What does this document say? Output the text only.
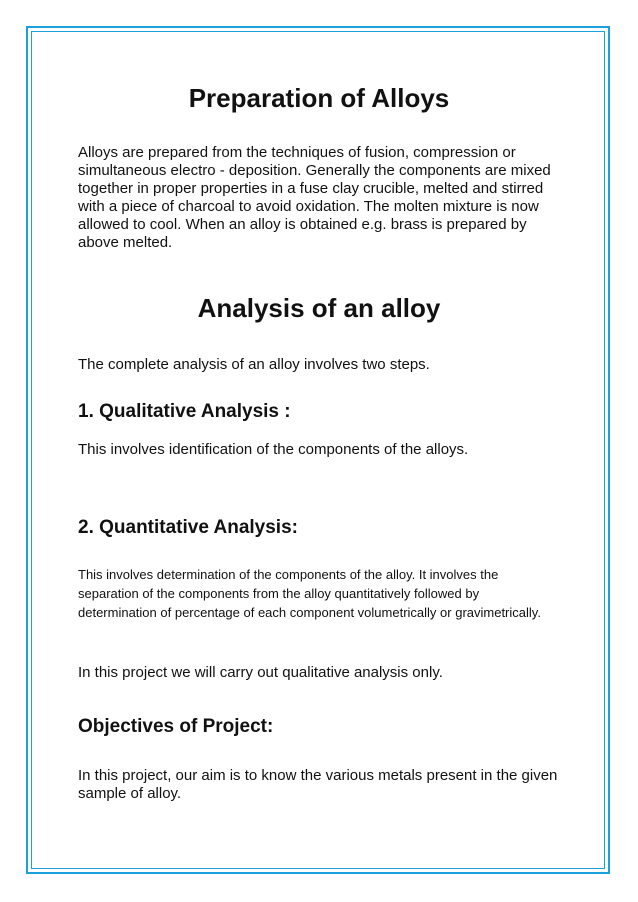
Preparation of Alloys

Alloys are prepared from the techniques of fusion, compression or simultaneous electro - deposition. Generally the components are mixed together in proper properties in a fuse clay crucible, melted and stirred with a piece of charcoal to avoid oxidation. The molten mixture is now allowed to cool. When an alloy is obtained e.g. brass is prepared by above melted.

Analysis of an alloy

The complete analysis of an alloy involves two steps.

1. Qualitative Analysis :

This involves identification of the components of the alloys.

2. Quantitative Analysis:

This involves determination of the components of the alloy. It involves the separation of the components from the alloy quantitatively followed by determination of percentage of each component volumetrically or gravimetrically.

In this project we will carry out qualitative analysis only.

Objectives of Project:

In this project, our aim is to know the various metals present in the given sample of alloy.
